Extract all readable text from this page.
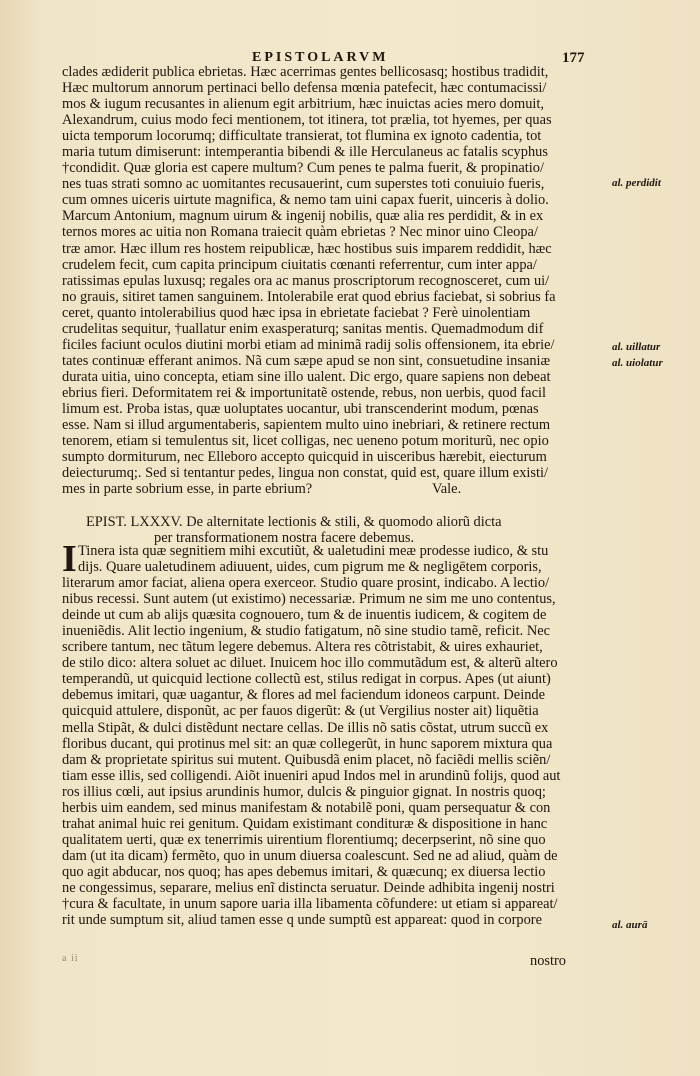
EPISTOLARVM	177
clades ædiderit publica ebrietas. Hæc acerrimas gentes bellicosasq; hostibus tradidit,
Hæc multorum annorum pertinaci bello defensa mœnia patefecit, hæc contumacissi/
mos & iugum recusantes in alienum egit arbitrium, hæc inuictas acies mero domuit,
Alexandrum, cuius modo feci mentionem, tot itinera, tot prælia, tot hyemes, per quas
uicta temporum locorumq; difficultate transierat, tot flumina ex ignoto cadentia, tot
maria tutum dimiserunt: intemperantia bibendi & ille Herculaneus ac fatalis scyphus
†condidit. Quæ gloria est capere multum? Cum penes te palma fuerit, & propinatio/
nes tuas strati somno ac uomitantes recusauerint, cum superstes toti conuiuio fueris,
cum omnes uiceris uirtute magnifica, & nemo tam uini capax fuerit, uinceris à dolio.
Marcum Antonium, magnum uirum & ingenij nobilis, quæ alia res perdidit, & in ex
ternos mores ac uitia non Romana traiecit quàm ebrietas ? Nec minor uino Cleopa/
træ amor. Hæc illum res hostem reipublicæ, hæc hostibus suis imparem reddidit, hæc
crudelem fecit, cum capita principum ciuitatis cœnanti referrentur, cum inter appa/
ratissimas epulas luxusq; regales ora ac manus proscriptorum recognosceret, cum ui/
no grauis, sitiret tamen sanguinem. Intolerabile erat quod ebrius faciebat, si sobrius fa
ceret, quanto intolerabilius quod hæc ipsa in ebrietate faciebat ? Ferè uinolentiam
crudelitas sequitur, †uallatur enim exasperaturq; sanitas mentis. Quemadmodum dif
ficiles faciunt oculos diutini morbi etiam ad minimã radij solis offensionem, ita ebrie/
tates continuæ efferant animos. Nã cum sæpe apud se non sint, consuetudine insaniæ
durata uitia, uino concepta, etiam sine illo ualent. Dic ergo, quare sapiens non debeat
ebrius fieri. Deformitatem rei & importunitatẽ ostende, rebus, non uerbis, quod facil
limum est. Proba istas, quæ uoluptates uocantur, ubi transcenderint modum, pœnas
esse. Nam si illud argumentaberis, sapientem multo uino inebriari, & retinere rectum
tenorem, etiam si temulentus sit, licet colligas, nec ueneno potum moriturũ, nec opio
sumpto dormiturum, nec Elleboro accepto quicquid in uisceribus hærebit, eiecturum
deiecturumq;. Sed si tentantur pedes, lingua non constat, quid est, quare illum existi/
mes in parte sobrium esse, in parte ebrium?	Vale.
EPIST. LXXXV. De alternitate lectionis & stili, & quomodo aliorũ dicta
per transformationem nostra facere debemus.
I Tinera ista quæ segnitiem mihi excutiũt, & ualetudini meæ prodesse iudico, & stu
dijs. Quare ualetudinem adiuuent, uides, cum pigrum me & negligētem corporis,
literarum amor faciat, aliena opera exerceor. Studio quare prosint, indicabo. A lectio/
nibus recessi. Sunt autem (ut existimo) necessariæ. Primum ne sim me uno contentus,
deinde ut cum ab alijs quæsita cognouero, tum & de inuentis iudicem, & cogitem de
inueniẽdis. Alit lectio ingenium, & studio fatigatum, nõ sine studio tamẽ, reficit. Nec
scribere tantum, nec tãtum legere debemus. Altera res cõtristabit, & uires exhauriet,
de stilo dico: altera soluet ac diluet. Inuicem hoc illo commutãdum est, & alterũ altero
temperandũ, ut quicquid lectione collectũ est, stilus redigat in corpus. Apes (ut aiunt)
debemus imitari, quæ uagantur, & flores ad mel faciendum idoneos carpunt. Deinde
quicquid attulere, disponũt, ac per fauos digerũt: & (ut Vergilius noster ait) liquẽtia
mella Stipãt, & dulci distẽdunt nectare cellas. De illis nõ satis cõstat, utrum succũ ex
floribus ducant, qui protinus mel sit: an quæ collegerũt, in hunc saporem mixtura qua
dam & proprietate spiritus sui mutent. Quibusdã enim placet, nõ faciẽdi mellis sciẽn/
tiam esse illis, sed colligendi. Aiõt inueniri apud Indos mel in arundinũ folijs, quod aut
ros illius cœli, aut ipsius arundinis humor, dulcis & pinguior gignat. In nostris quoq;
herbis uim eandem, sed minus manifestam & notabilẽ poni, quam persequatur & con
trahat animal huic rei genitum. Quidam existimant condituræ & dispositione in hanc
qualitatem uerti, quæ ex tenerrimis uirentium florentiumq; decerpserint, nõ sine quo
dam (ut ita dicam) fermẽto, quo in unum diuersa coalescunt. Sed ne ad aliud, quàm de
quo agit abducar, nos quoq; has apes debemus imitari, & quæcunq; ex diuersa lectio
ne congessimus, separare, melius enĩ distincta seruatur. Deinde adhibita ingenij nostri
†cura & facultate, in unum sapore uaria illa libamenta cõfundere: ut etiam si appareat/
rit unde sumptum sit, aliud tamen esse q unde sumptũ est appareat: quod in corpore
al. perdidit
al. uillatur
al. uiolatur
al. aurā
a ii	nostro
